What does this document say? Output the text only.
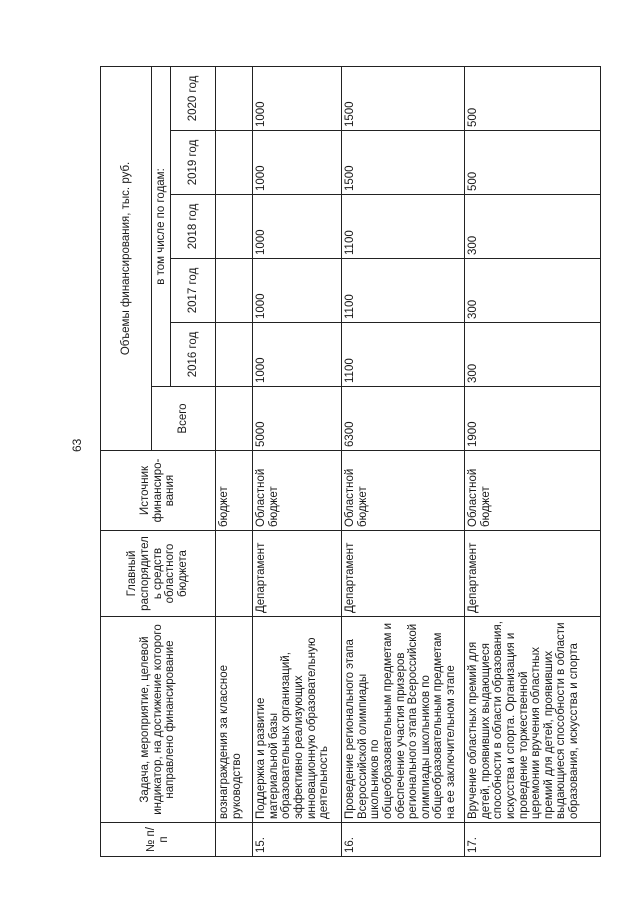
63
№ п/п	Задача, мероприятие, целевой индикатор, на достижение которого направлено финансирование	Главный распорядитель средств областного бюджета	Источник финансиро-вания	Объемы финансирования, тыс. руб.					
				Всего	в том числе по годам:				
					2016 год	2017 год	2018 год	2019 год	2020 год
	вознаграждения за классное руководство		бюджет						
15.	Поддержка и развитие материальной базы образовательных организаций, эффективно реализующих инновационную образовательную деятельность	Департамент	Областной бюджет	5000	1000	1000	1000	1000	1000
16.	Проведение регионального этапа Всероссийской олимпиады школьников по общеобразовательным предметам и обеспечение участия призеров регионального этапа Всероссийской олимпиады школьников по общеобразовательным предметам на ее заключительном этапе	Департамент	Областной бюджет	6300	1100	1100	1100	1500	1500
17.	Вручение областных премий для детей, проявивших выдающиеся способности в области образования, искусства и спорта. Организация и проведение торжественной церемонии вручения областных премий для детей, проявивших выдающиеся способности в области образования, искусства и спорта	Департамент	Областной бюджет	1900	300	300	300	500	500
